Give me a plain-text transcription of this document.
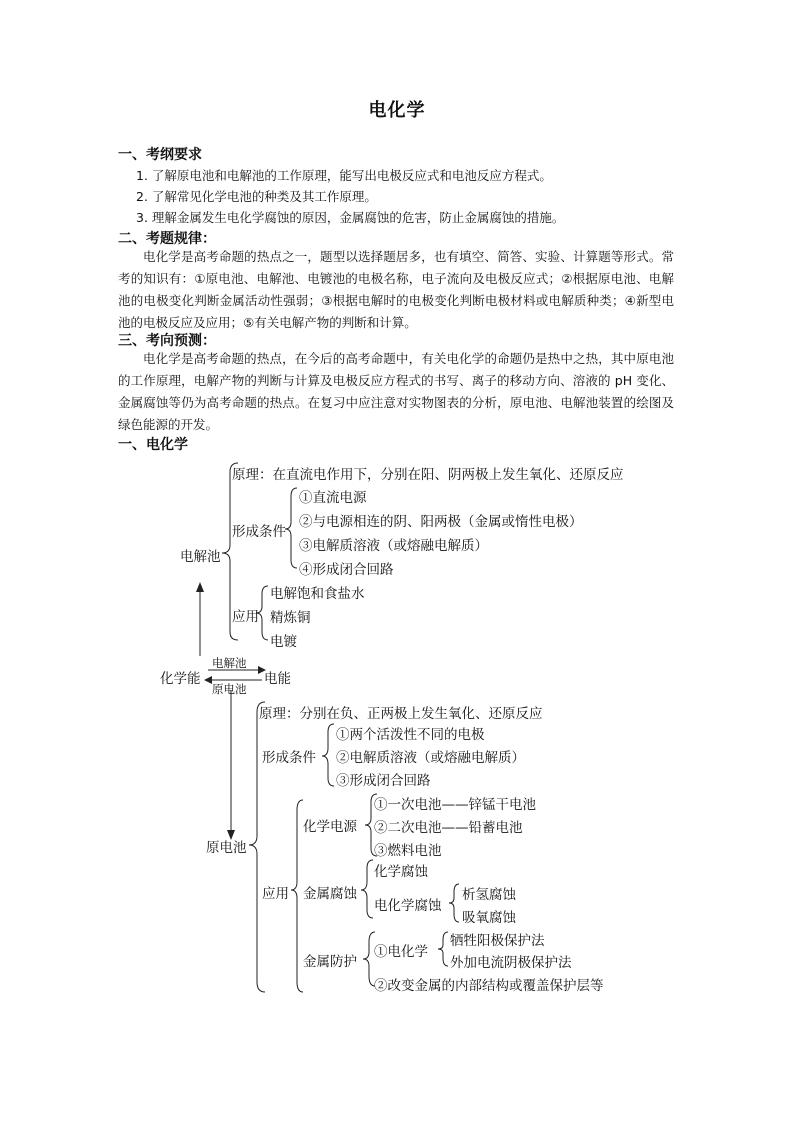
电化学
一、考纲要求
1. 了解原电池和电解池的工作原理，能写出电极反应式和电池反应方程式。
2. 了解常见化学电池的种类及其工作原理。
3. 理解金属发生电化学腐蚀的原因，金属腐蚀的危害，防止金属腐蚀的措施。
二、考题规律：
电化学是高考命题的热点之一，题型以选择题居多，也有填空、简答、实验、计算题等形式。常考的知识有：①原电池、电解池、电镀池的电极名称，电子流向及电极反应式；②根据原电池、电解池的电极变化判断金属活动性强弱；③根据电解时的电极变化判断电极材料或电解质种类；④新型电池的电极反应及应用；⑤有关电解产物的判断和计算。
三、考向预测：
电化学是高考命题的热点，在今后的高考命题中，有关电化学的命题仍是热中之热，其中原电池的工作原理，电解产物的判断与计算及电极反应方程式的书写、离子的移动方向、溶液的 pH 变化、金属腐蚀等仍为高考命题的热点。在复习中应注意对实物图表的分析，原电池、电解池装置的绘图及绿色能源的开发。
一、电化学
原理：在直流电作用下，分别在阳、阴两极上发生氧化、还原反应
电解池
形成条件
①直流电源
②与电源相连的阴、阳两极（金属或惰性电极）
③电解质溶液（或熔融电解质）
④形成闭合回路
应用
电解饱和食盐水
精炼铜
电镀
化学能
电解池
原电池
电能
原理：分别在负、正两极上发生氧化、还原反应
原电池
形成条件
①两个活泼性不同的电极
②电解质溶液（或熔融电解质）
③形成闭合回路
应用
化学电源
①一次电池——锌锰干电池
②二次电池——铅蓄电池
③燃料电池
金属腐蚀
化学腐蚀
电化学腐蚀
析氢腐蚀
吸氧腐蚀
金属防护
①电化学
牺牲阳极保护法
外加电流阴极保护法
②改变金属的内部结构或覆盖保护层等
